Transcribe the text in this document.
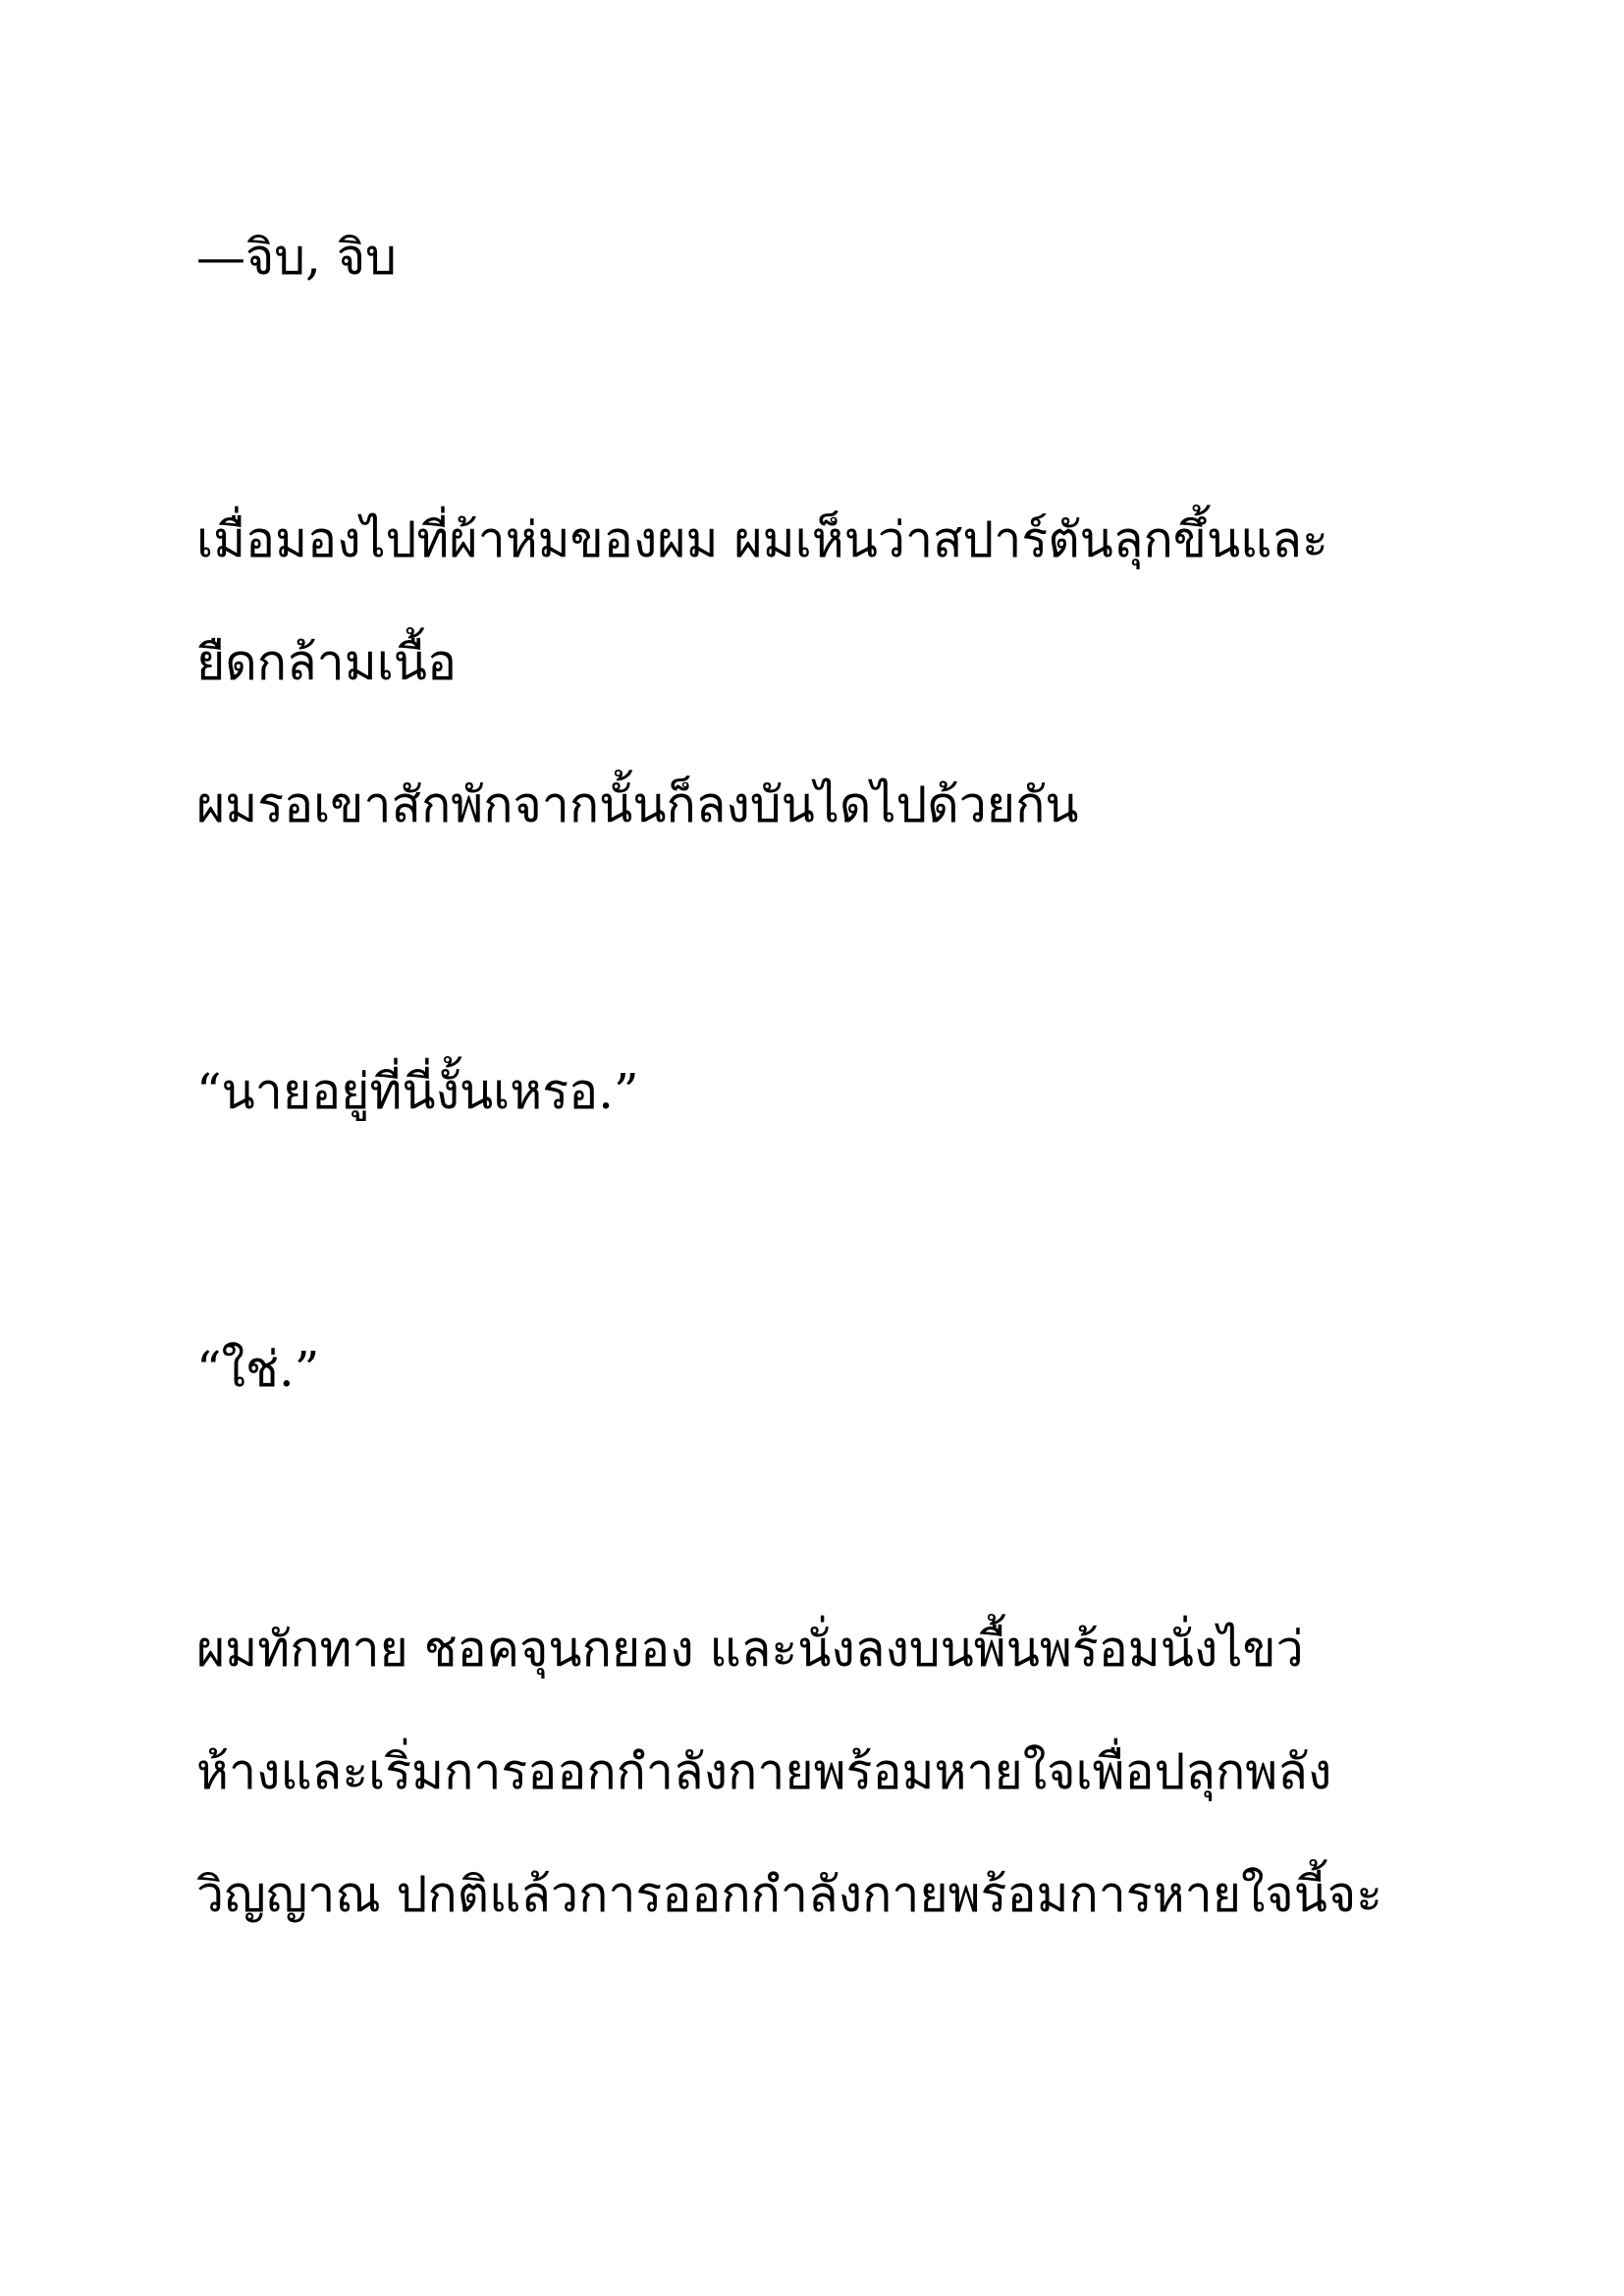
—จิบ, จิบ

เมื่อมองไปที่ผ้าห่มของผม ผมเห็นว่าสปาร์ตันลุกขึ้นและ

ยืดกล้ามเนื้อ

ผมรอเขาสักพักจากนั้นก็ลงบันไดไปด้วยกัน

“นายอยู่ที่นี่งั้นเหรอ.”

“ใช่.”

ผมทักทาย ชอคจุนกยอง และนั่งลงบนพื้นพร้อมนั่งไขว่

ห้างและเริ่มการออกกำลังกายพร้อมหายใจเพื่อปลุกพลัง

วิญญาณ ปกติแล้วการออกกำลังกายพร้อมการหายใจนี้จะ
